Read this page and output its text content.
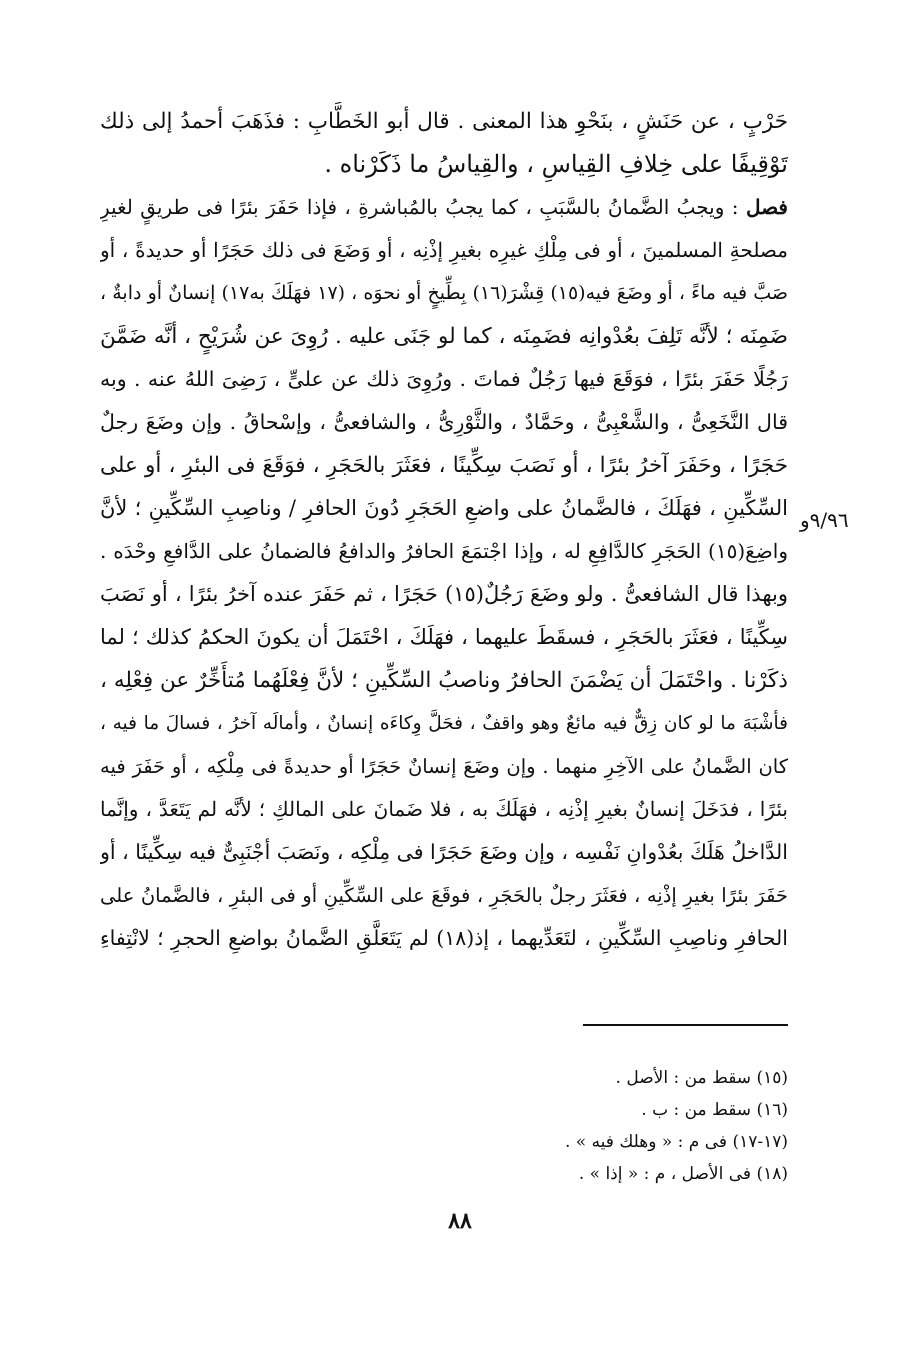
حَرْبٍ ، عن حَنَشٍ ، بنَحْوِ هذا المعنى . قال أبو الخَطَّابِ : فذَهَبَ أحمدُ إلى ذلك
تَوْقِيفًا على خِلافِ القِياسِ ، والقِياسُ ما ذَكَرْناه .
فصل : ويجبُ الضَّمانُ بالسَّبَبِ ، كما يجبُ بالمُباشرةِ ، فإذا حَفَرَ بئرًا فى طريقٍ لغيرِ
مصلحةِ المسلمينَ ، أو فى مِلْكِ غيرِه بغيرِ إذْنِه ، أو وَضَعَ فى ذلك حَجَرًا أو حديدةً ، أو
صَبَّ فيه ماءً ، أو وضَعَ فيه(١٥) قِشْرَ(١٦) بِطِّيخٍ أو نحوَه ، (١٧ فهَلَكَ به١٧) إنسانٌ أو دابةٌ ،
ضَمِنَه ؛ لأنَّه تَلِفَ بعُدْوانِه فضَمِنَه ، كما لو جَنَى عليه . رُوِىَ عن شُرَيْحٍ ، أنَّه ضَمَّنَ
رَجُلًا حَفَرَ بئرًا ، فوَقَعَ فيها رَجُلٌ فماتَ . ورُوِىَ ذلك عن علىٍّ ، رَضِىَ اللهُ عنه . وبه
قال النَّخَعِىُّ ، والشَّعْبِىُّ ، وحَمَّادٌ ، والثَّوْرِىُّ ، والشافعىُّ ، وإسْحاقُ . وإن وضَعَ رجلٌ
حَجَرًا ، وحَفَرَ آخرُ بئرًا ، أو نَصَبَ سِكِّينًا ، فعَثَرَ بالحَجَرِ ، فوَقَعَ فى البئرِ ، أو على
السِّكِّينِ ، فهَلَكَ ، فالضَّمانُ على واضعِ الحَجَرِ دُونَ الحافرِ / وناصِبِ السِّكِّينِ ؛ لأنَّ
واضِعَ(١٥) الحَجَرِ كالدَّافِعِ له ، وإذا اجْتمَعَ الحافرُ والدافعُ فالضمانُ على الدَّافعِ وحْدَه .
وبهذا قال الشافعىُّ . ولو وضَعَ رَجُلٌ(١٥) حَجَرًا ، ثم حَفَرَ عنده آخرُ بئرًا ، أو نَصَبَ
سِكِّينًا ، فعَثَرَ بالحَجَرِ ، فسقَطَ عليهما ، فهَلَكَ ، احْتَمَلَ أن يكونَ الحكمُ كذلك ؛ لما
ذكَرْنا . واحْتَمَلَ أن يَضْمَنَ الحافرُ وناصبُ السِّكِّينِ ؛ لأنَّ فِعْلَهُما مُتأَخِّرٌ عن فِعْلِه ،
فأشْبَهَ ما لو كان زِقٌّ فيه مائعٌ وهو واقفٌ ، فحَلَّ وِكاءَه إنسانٌ ، وأمالَه آخرُ ، فسالَ ما فيه ،
كان الضَّمانُ على الآخِرِ منهما . وإن وضَعَ إنسانٌ حَجَرًا أو حديدةً فى مِلْكِه ، أو حَفَرَ فيه
بئرًا ، فدَخَلَ إنسانٌ بغيرِ إذْنِه ، فهَلَكَ به ، فلا ضَمانَ على المالكِ ؛ لأنَّه لم يَتَعَدَّ ، وإنَّما
الدَّاخلُ هَلَكَ بعُدْوانِ نَفْسِه ، وإن وضَعَ حَجَرًا فى مِلْكِه ، ونَصَبَ أجْنَبِىٌّ فيه سِكِّينًا ، أو
حَفَرَ بئرًا بغيرِ إذْنِه ، فعَثَرَ رجلٌ بالحَجَرِ ، فوقَعَ على السِّكِّينِ أو فى البئرِ ، فالضَّمانُ على
الحافرِ وناصِبِ السِّكِّينِ ، لتَعَدِّيهما ، إذ(١٨) لم يَتَعَلَّقِ الضَّمانُ بواضعِ الحجرِ ؛ لانْتِفاءِ
٩/٩٦و
(١٥) سقط من : الأصل .
(١٦) سقط من : ب .
(١٧-١٧) فى م : « وهلك فيه » .
(١٨) فى الأصل ، م : « إذا » .
٨٨
